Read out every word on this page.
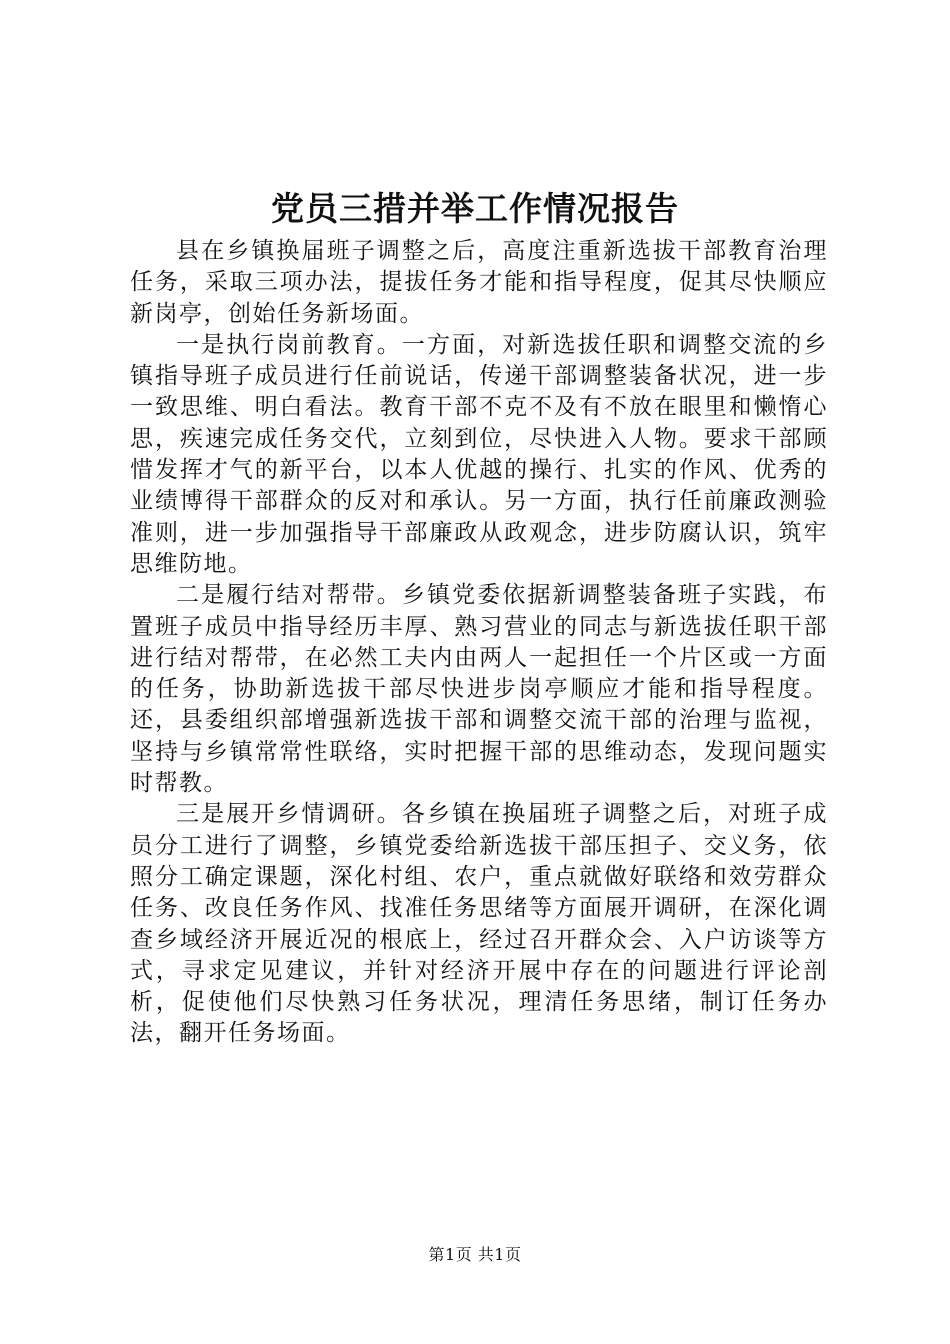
党员三措并举工作情况报告

县在乡镇换届班子调整之后，高度注重新选拔干部教育治理任务，采取三项办法，提拔任务才能和指导程度，促其尽快顺应新岗亭，创始任务新场面。

一是执行岗前教育。一方面，对新选拔任职和调整交流的乡镇指导班子成员进行任前说话，传递干部调整装备状况，进一步一致思维、明白看法。教育干部不克不及有不放在眼里和懒惰心思，疾速完成任务交代，立刻到位，尽快进入人物。要求干部顾惜发挥才气的新平台，以本人优越的操行、扎实的作风、优秀的业绩博得干部群众的反对和承认。另一方面，执行任前廉政测验准则，进一步加强指导干部廉政从政观念，进步防腐认识，筑牢思维防地。

二是履行结对帮带。乡镇党委依据新调整装备班子实践，布置班子成员中指导经历丰厚、熟习营业的同志与新选拔任职干部进行结对帮带，在必然工夫内由两人一起担任一个片区或一方面的任务，协助新选拔干部尽快进步岗亭顺应才能和指导程度。还，县委组织部增强新选拔干部和调整交流干部的治理与监视，坚持与乡镇常常性联络，实时把握干部的思维动态，发现问题实时帮教。

三是展开乡情调研。各乡镇在换届班子调整之后，对班子成员分工进行了调整，乡镇党委给新选拔干部压担子、交义务，依照分工确定课题，深化村组、农户，重点就做好联络和效劳群众任务、改良任务作风、找准任务思绪等方面展开调研，在深化调查乡域经济开展近况的根底上，经过召开群众会、入户访谈等方式，寻求定见建议，并针对经济开展中存在的问题进行评论剖析，促使他们尽快熟习任务状况，理清任务思绪，制订任务办法，翻开任务场面。

第1页 共1页
